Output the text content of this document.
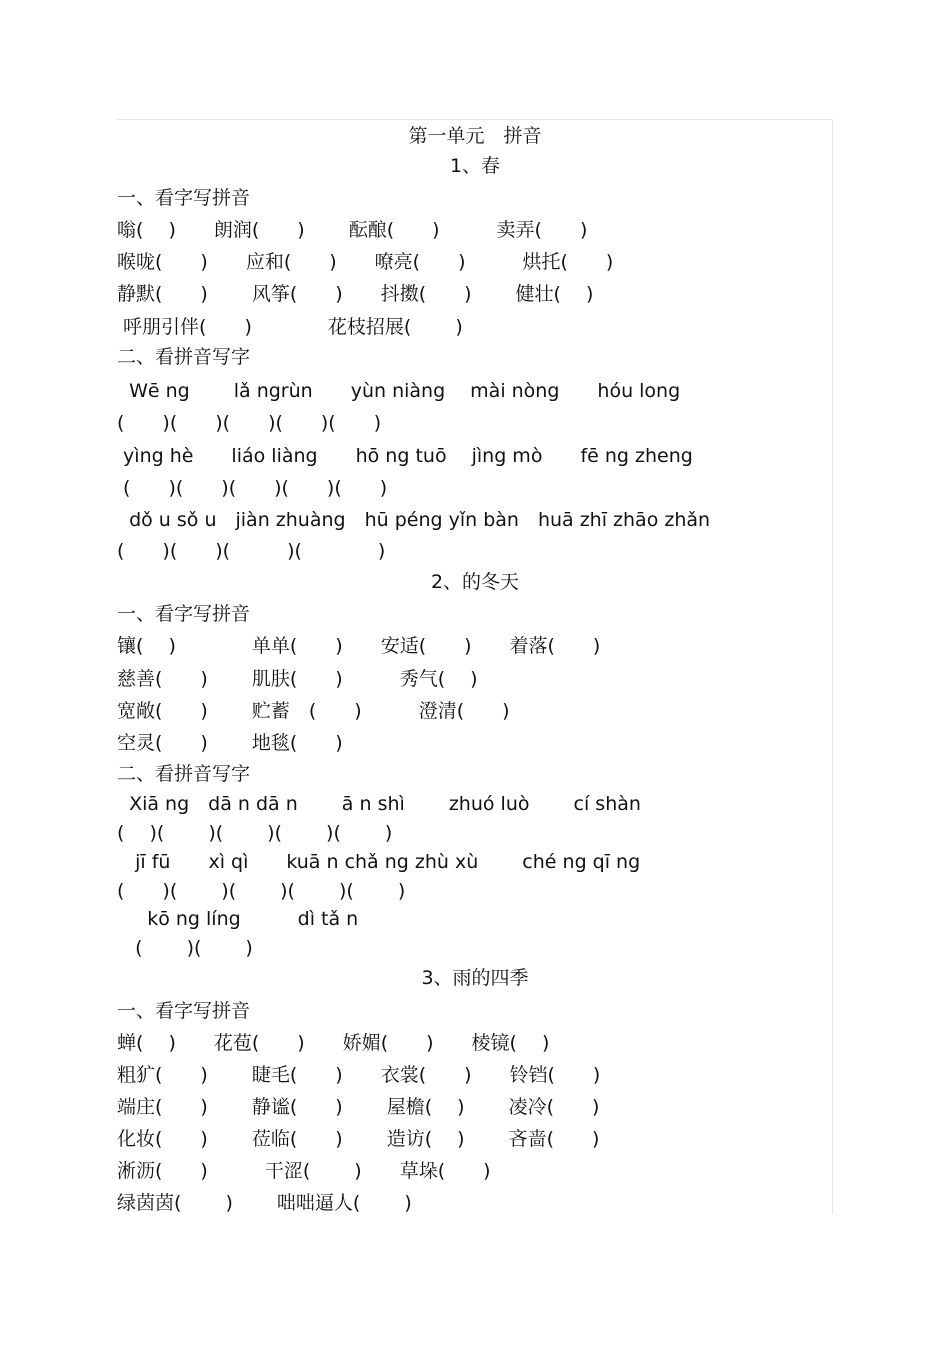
第一单元　拼音
1、春
一、看字写拼音
嗡(　 )　　朗润(　　)　　 酝酿(　　)　　　卖弄(　　)
喉咙(　　)　　应和(　　)　　嘹亮(　　)　　　烘托(　　)
静默(　　)　　 风筝(　　)　　抖擞(　　)　　 健壮(　 )
呼朋引伴(　　)　　　　花枝招展(　　 )
二、看拼音写字
Wē ng　　 lǎ ngrùn　　yùn niàng　 mài nòng　　hóu long
(　　)(　　)(　　)(　　)(　　)
yìng hè　　liáo liàng　　hō ng tuō　 jìng mò　　fē ng zheng
(　　)(　　)(　　)(　　)(　　)
dǒ u sǒ u　jiàn zhuàng　hū péng yǐn bàn　huā zhī zhāo zhǎn
(　　)(　　)(　　　)(　　　　)
2、的冬天
一、看字写拼音
镶(　 )　　　　单单(　　)　　安适(　　)　　着落(　　)
慈善(　　)　　 肌肤(　　)　　　秀气(　 )
宽敞(　　)　　 贮蓄　(　　)　　　澄清(　　)
空灵(　　)　　 地毯(　　)
二、看拼音写字
Xiā ng　dā n dā n　　 ā n shì　　 zhuó luò　　 cí shàn
( 　)(　　 )(　　 )(　　 )(　　 )
jī fū　　xì qì　　kuā n chǎ ng zhù xù　　 ché ng qī ng
(　　)(　　 )(　　 )(　　 )(　　 )
kō ng líng　　　dì tǎ n
(　　 )(　　 )
3、雨的四季
一、看字写拼音
蝉(　 )　　花苞(　　)　　娇媚(　　)　　棱镜(　 )
粗犷(　　)　　 睫毛(　　)　　衣裳(　　)　　铃铛(　　)
端庄(　　)　　 静谧(　　)　　 屋檐(　 )　　 凌冷(　　)
化妆(　　)　　 莅临(　　)　　 造访(　 )　　 吝啬(　　)
淅沥(　　)　　　干涩(　　 )　　草垛(　　)
绿茵茵(　　 )　　 咄咄逼人(　　 )
